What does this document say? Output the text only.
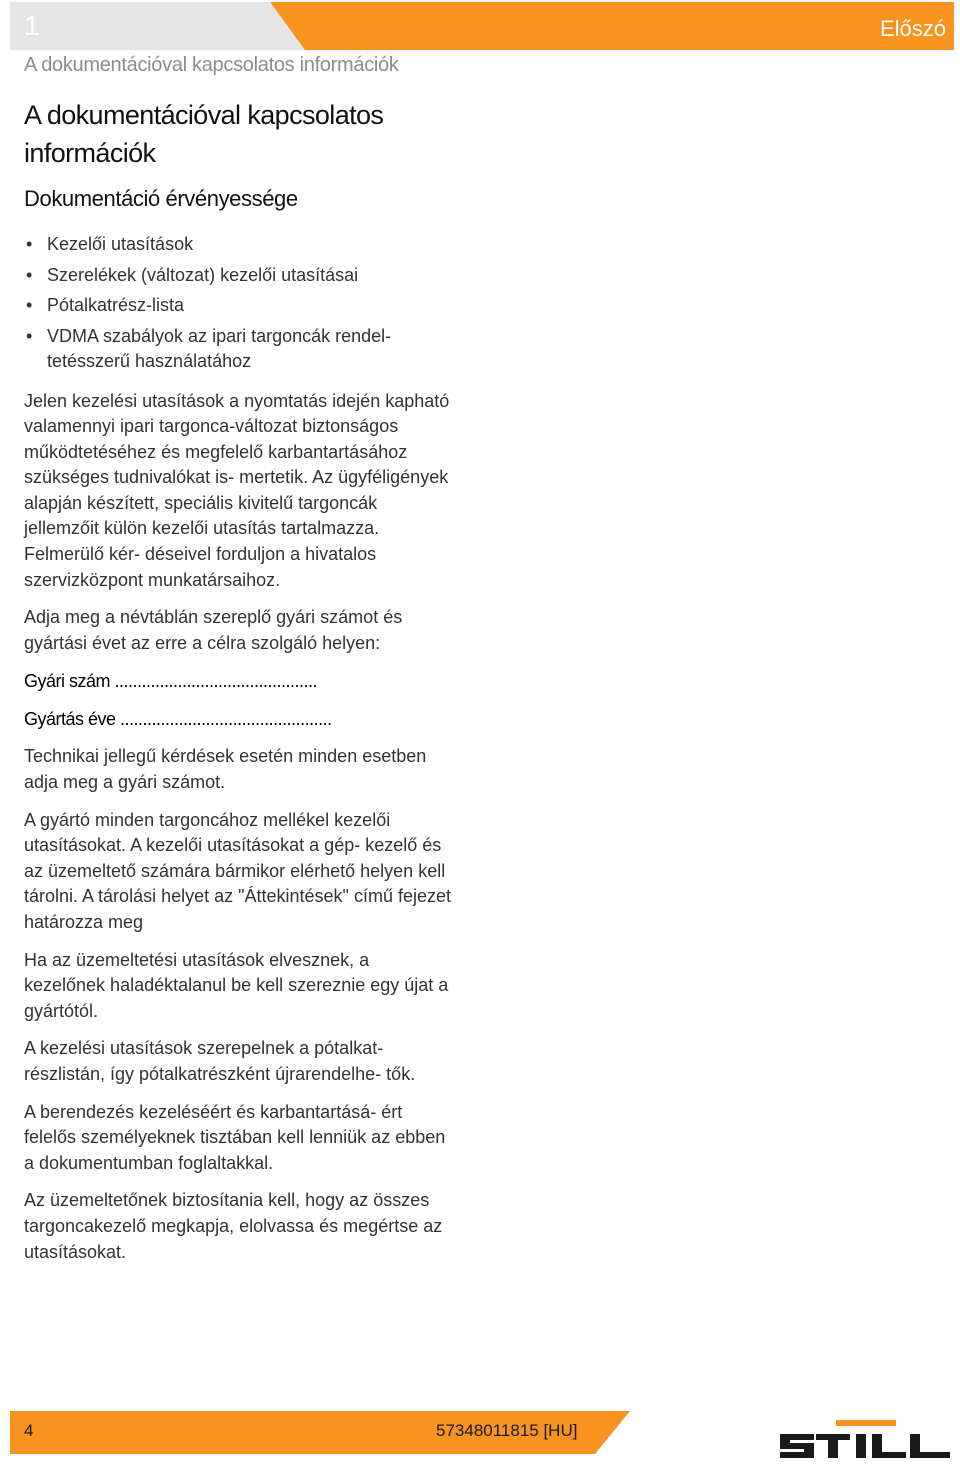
1	Előszó
A dokumentációval kapcsolatos információk
A dokumentációval kapcsolatos információk
Dokumentáció érvényessége
• Kezelői utasítások
• Szerelékek (változat) kezelői utasításai
• Pótalkatrész-lista
• VDMA szabályok az ipari targoncák rendel- tetésszerű használatához

Jelen kezelési utasítások a nyomtatás idején kapható valamennyi ipari targonca-változat biztonságos működtetéséhez és megfelelő karbantartásához szükséges tudnivalókat is- mertetik. Az ügyféligények alapján készített, speciális kivitelű targoncák jellemzőit külön kezelői utasítás tartalmazza. Felmerülő kér- déseivel forduljon a hivatalos szervizközpont munkatársaihoz.

Adja meg a névtáblán szereplő gyári számot és gyártási évet az erre a célra szolgáló helyen:

Gyári szám .............................................
Gyártás éve ...............................................

Technikai jellegű kérdések esetén minden esetben adja meg a gyári számot.

A gyártó minden targoncához mellékel kezelői utasításokat. A kezelői utasításokat a gép- kezelő és az üzemeltető számára bármikor elérhető helyen kell tárolni. A tárolási helyet az "Áttekintések" című fejezet határozza meg

Ha az üzemeltetési utasítások elvesznek, a kezelőnek haladéktalanul be kell szereznie egy újat a gyártótól.

A kezelési utasítások szerepelnek a pótalkat- részlistán, így pótalkatrészként újrarendelhe- tők.

A berendezés kezeléséért és karbantartásá- ért felelős személyeknek tisztában kell lenniük az ebben a dokumentumban foglaltakkal.

Az üzemeltetőnek biztosítania kell, hogy az összes targoncakezelő megkapja, elolvassa és megértse az utasításokat.

4	57348011815 [HU]
